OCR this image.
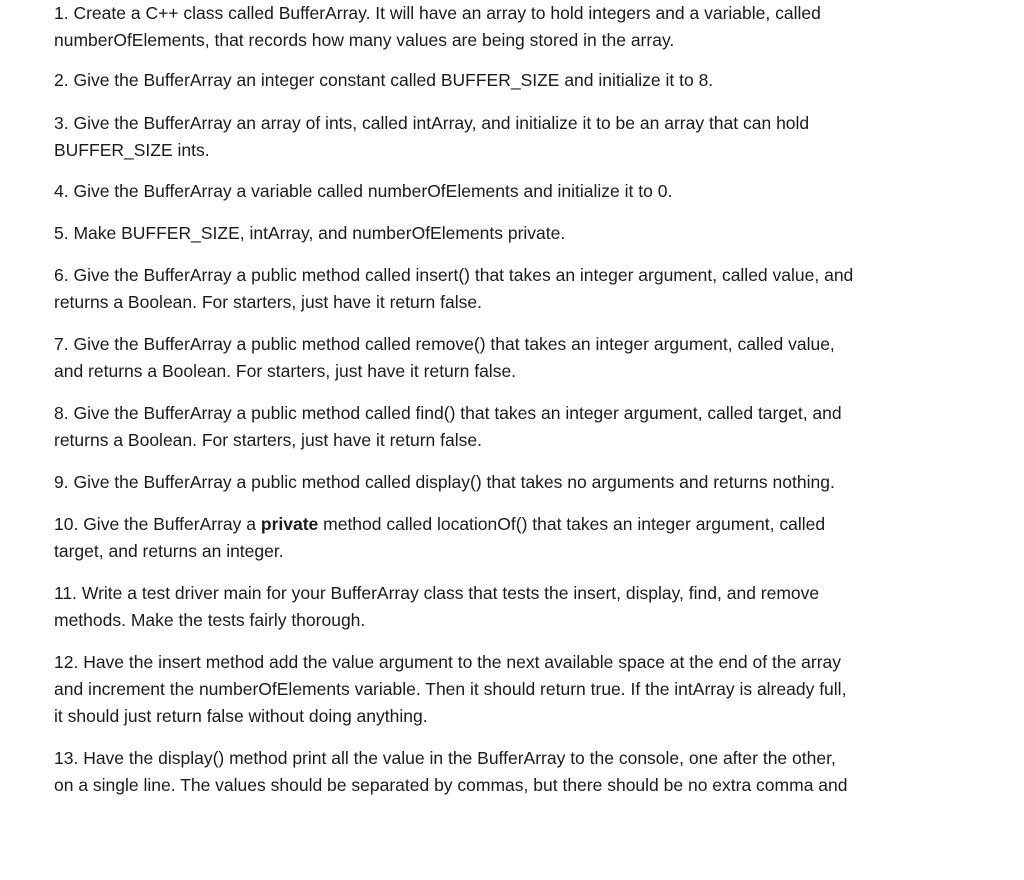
1. Create a C++ class called BufferArray. It will have an array to hold integers and a variable, called
numberOfElements, that records how many values are being stored in the array.

2. Give the BufferArray an integer constant called BUFFER_SIZE and initialize it to 8.

3. Give the BufferArray an array of ints, called intArray, and initialize it to be an array that can hold
BUFFER_SIZE ints.

4. Give the BufferArray a variable called numberOfElements and initialize it to 0.

5. Make BUFFER_SIZE, intArray, and numberOfElements private.

6. Give the BufferArray a public method called insert() that takes an integer argument, called value, and
returns a Boolean. For starters, just have it return false.

7. Give the BufferArray a public method called remove() that takes an integer argument, called value,
and returns a Boolean. For starters, just have it return false.

8. Give the BufferArray a public method called find() that takes an integer argument, called target, and
returns a Boolean. For starters, just have it return false.

9. Give the BufferArray a public method called display() that takes no arguments and returns nothing.

10. Give the BufferArray a private method called locationOf() that takes an integer argument, called
target, and returns an integer.

11. Write a test driver main for your BufferArray class that tests the insert, display, find, and remove
methods. Make the tests fairly thorough.

12. Have the insert method add the value argument to the next available space at the end of the array
and increment the numberOfElements variable. Then it should return true. If the intArray is already full,
it should just return false without doing anything.

13. Have the display() method print all the value in the BufferArray to the console, one after the other,
on a single line. The values should be separated by commas, but there should be no extra comma and
